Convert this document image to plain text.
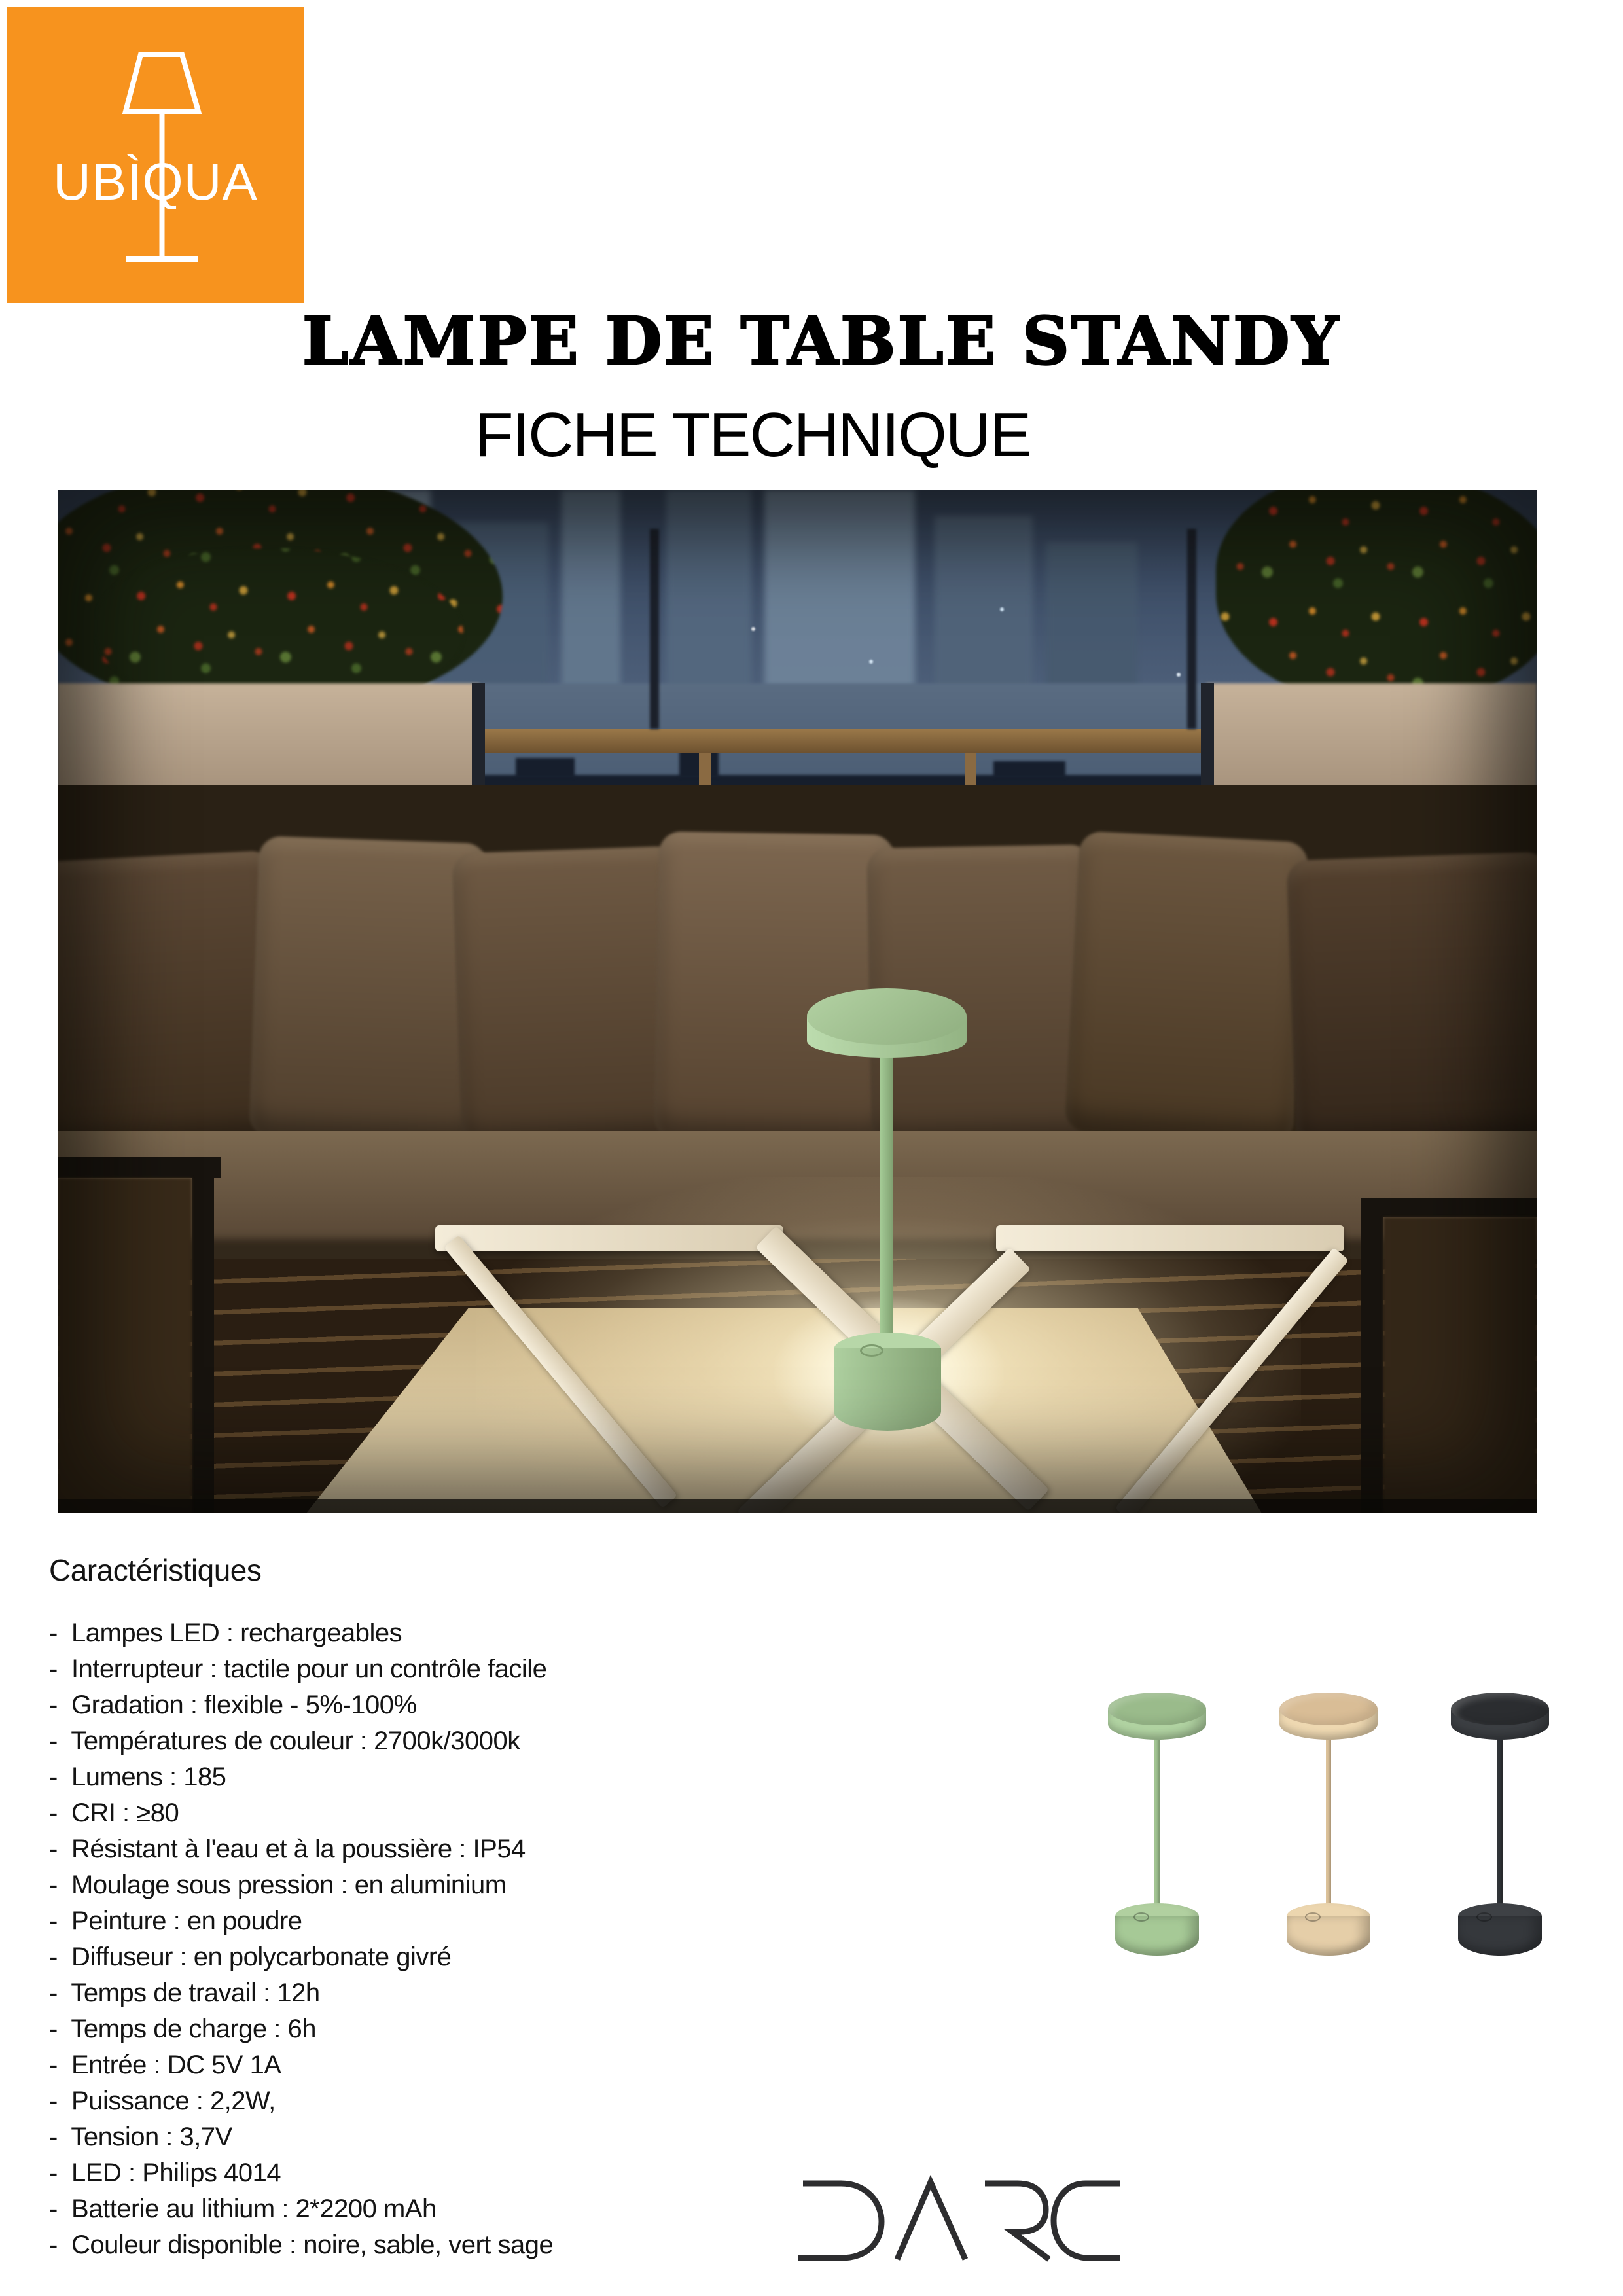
UBÌQUA
LAMPE DE TABLE STANDY
FICHE TECHNIQUE
Caractéristiques
-  Lampes LED : rechargeables
-  Interrupteur : tactile pour un contrôle facile
-  Gradation : flexible - 5%-100%
-  Températures de couleur : 2700k/3000k
-  Lumens : 185
-  CRI : ≥80
-  Résistant à l'eau et à la poussière : IP54
-  Moulage sous pression : en aluminium
-  Peinture : en poudre
-  Diffuseur : en polycarbonate givré
-  Temps de travail : 12h
-  Temps de charge : 6h
-  Entrée : DC 5V 1A
-  Puissance : 2,2W,
-  Tension : 3,7V
-  LED : Philips 4014
-  Batterie au lithium : 2*2200 mAh
-  Couleur disponible : noire, sable, vert sage
